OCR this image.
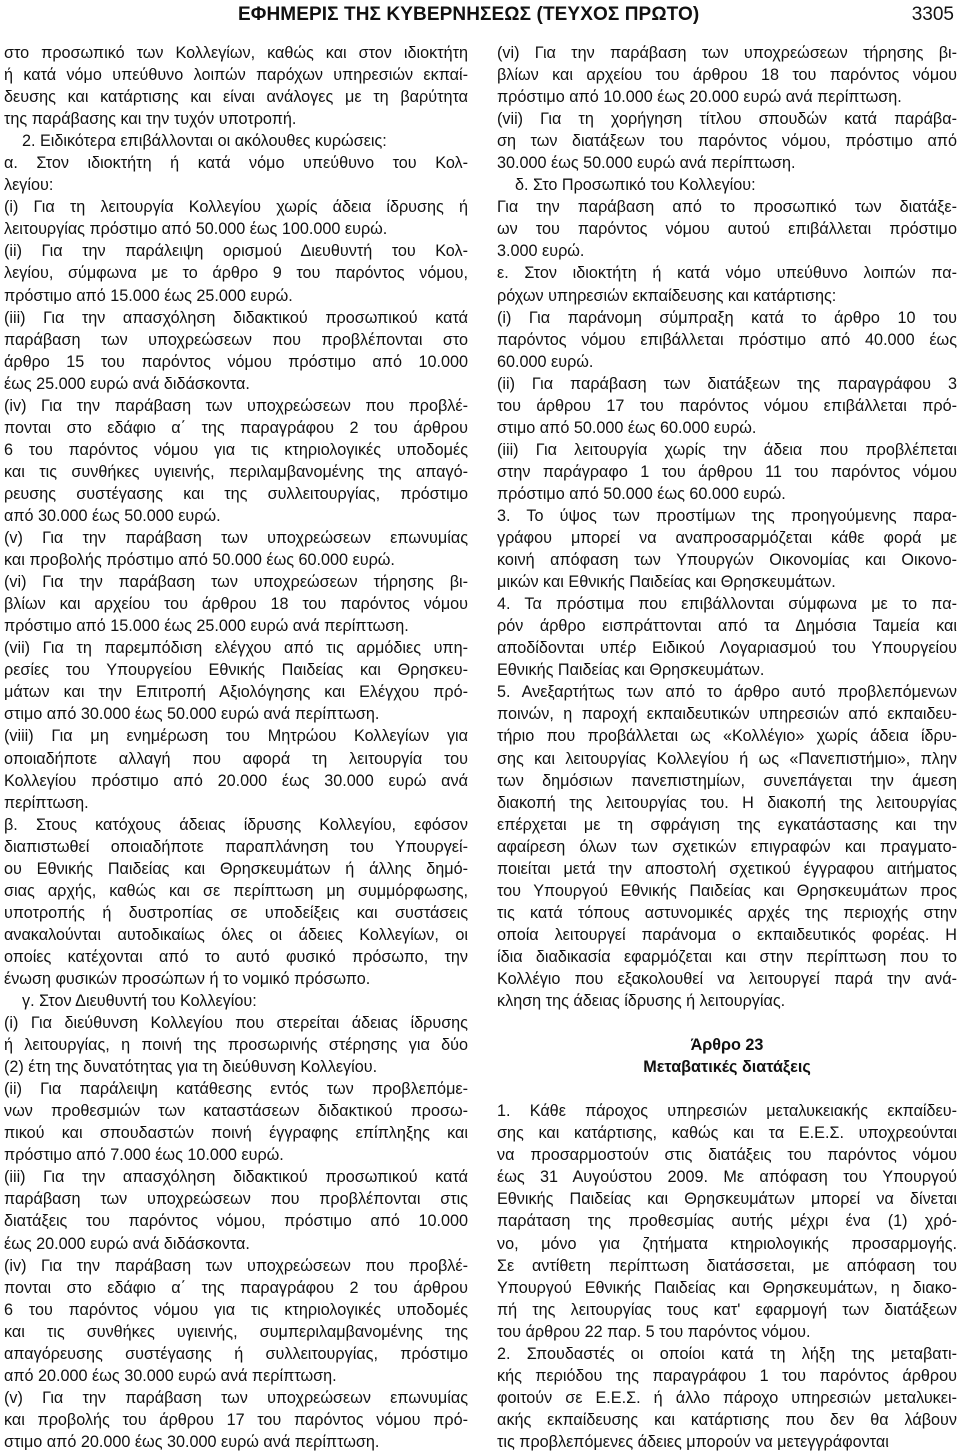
ΕΦΗΜΕΡΙΣ ΤΗΣ ΚΥΒΕΡΝΗΣΕΩΣ (ΤΕΥΧΟΣ ΠΡΩΤΟ)	3305
στο προσωπικό των Κολλεγίων, καθώς και στον ιδιοκτήτη
ή κατά νόμο υπεύθυνο λοιπών παρόχων υπηρεσιών εκπαί-
δευσης και κατάρτισης και είναι ανάλογες με τη βαρύτητα
της παράβασης και την τυχόν υποτροπή.
2. Ειδικότερα επιβάλλονται οι ακόλουθες κυρώσεις:
α. Στον ιδιοκτήτη ή κατά νόμο υπεύθυνο του Κολ-
λεγίου:
(i) Για τη λειτουργία Κολλεγίου χωρίς άδεια ίδρυσης ή
λειτουργίας πρόστιμο από 50.000 έως 100.000 ευρώ.
(ii) Για την παράλειψη ορισμού Διευθυντή του Κολ-
λεγίου, σύμφωνα με το άρθρο 9 του παρόντος νόμου,
πρόστιμο από 15.000 έως 25.000 ευρώ.
(iii) Για την απασχόληση διδακτικού προσωπικού κατά
παράβαση των υποχρεώσεων που προβλέπονται στο
άρθρο 15 του παρόντος νόμου πρόστιμο από 10.000
έως 25.000 ευρώ ανά διδάσκοντα.
(iv) Για την παράβαση των υποχρεώσεων που προβλέ-
πονται στο εδάφιο α΄ της παραγράφου 2 του άρθρου
6 του παρόντος νόμου για τις κτηριολογικές υποδομές
και τις συνθήκες υγιεινής, περιλαμβανομένης της απαγό-
ρευσης συστέγασης και της συλλειτουργίας, πρόστιμο
από 30.000 έως 50.000 ευρώ.
(v) Για την παράβαση των υποχρεώσεων επωνυμίας
και προβολής πρόστιμο από 50.000 έως 60.000 ευρώ.
(vi) Για την παράβαση των υποχρεώσεων τήρησης βι-
βλίων και αρχείου του άρθρου 18 του παρόντος νόμου
πρόστιμο από 15.000 έως 25.000 ευρώ ανά περίπτωση.
(vii) Για τη παρεμπόδιση ελέγχου από τις αρμόδιες υπη-
ρεσίες του Υπουργείου Εθνικής Παιδείας και Θρησκευ-
μάτων και την Επιτροπή Αξιολόγησης και Ελέγχου πρό-
στιμο από 30.000 έως 50.000 ευρώ ανά περίπτωση.
(viii) Για μη ενημέρωση του Μητρώου Κολλεγίων για
οποιαδήποτε αλλαγή που αφορά τη λειτουργία του
Κολλεγίου πρόστιμο από 20.000 έως 30.000 ευρώ ανά
περίπτωση.
β. Στους κατόχους άδειας ίδρυσης Κολλεγίου, εφόσον
διαπιστωθεί οποιαδήποτε παραπλάνηση του Υπουργεί-
ου Εθνικής Παιδείας και Θρησκευμάτων ή άλλης δημό-
σιας αρχής, καθώς και σε περίπτωση μη συμμόρφωσης,
υποτροπής ή δυστροπίας σε υποδείξεις και συστάσεις
ανακαλούνται αυτοδικαίως όλες οι άδειες Κολλεγίων, οι
οποίες κατέχονται από το αυτό φυσικό πρόσωπο, την
ένωση φυσικών προσώπων ή το νομικό πρόσωπο.
γ. Στον Διευθυντή του Κολλεγίου:
(i) Για διεύθυνση Κολλεγίου που στερείται άδειας ίδρυσης
ή λειτουργίας, η ποινή της προσωρινής στέρησης για δύο
(2) έτη της δυνατότητας για τη διεύθυνση Κολλεγίου.
(ii) Για παράλειψη κατάθεσης εντός των προβλεπόμε-
νων προθεσμιών των καταστάσεων διδακτικού προσω-
πικού και σπουδαστών ποινή έγγραφης επίπληξης και
πρόστιμο από 7.000 έως 10.000 ευρώ.
(iii) Για την απασχόληση διδακτικού προσωπικού κατά
παράβαση των υποχρεώσεων που προβλέπονται στις
διατάξεις του παρόντος νόμου, πρόστιμο από 10.000
έως 20.000 ευρώ ανά διδάσκοντα.
(iv) Για την παράβαση των υποχρεώσεων που προβλέ-
πονται στο εδάφιο α΄ της παραγράφου 2 του άρθρου
6 του παρόντος νόμου για τις κτηριολογικές υποδομές
και τις συνθήκες υγιεινής, συμπεριλαμβανομένης της
απαγόρευσης συστέγασης ή συλλειτουργίας, πρόστιμο
από 20.000 έως 30.000 ευρώ ανά περίπτωση.
(v) Για την παράβαση των υποχρεώσεων επωνυμίας
και προβολής του άρθρου 17 του παρόντος νόμου πρό-
στιμο από 20.000 έως 30.000 ευρώ ανά περίπτωση.
(vi) Για την παράβαση των υποχρεώσεων τήρησης βι-
βλίων και αρχείου του άρθρου 18 του παρόντος νόμου
πρόστιμο από 10.000 έως 20.000 ευρώ ανά περίπτωση.
(vii) Για τη χορήγηση τίτλου σπουδών κατά παράβα-
ση των διατάξεων του παρόντος νόμου, πρόστιμο από
30.000 έως 50.000 ευρώ ανά περίπτωση.
δ. Στο Προσωπικό του Κολλεγίου:
Για την παράβαση από το προσωπικό των διατάξε-
ων του παρόντος νόμου αυτού επιβάλλεται πρόστιμο
3.000 ευρώ.
ε. Στον ιδιοκτήτη ή κατά νόμο υπεύθυνο λοιπών πα-
ρόχων υπηρεσιών εκπαίδευσης και κατάρτισης:
(i) Για παράνομη σύμπραξη κατά το άρθρο 10 του
παρόντος νόμου επιβάλλεται πρόστιμο από 40.000 έως
60.000 ευρώ.
(ii) Για παράβαση των διατάξεων της παραγράφου 3
του άρθρου 17 του παρόντος νόμου επιβάλλεται πρό-
στιμο από 50.000 έως 60.000 ευρώ.
(iii) Για λειτουργία χωρίς την άδεια που προβλέπεται
στην παράγραφο 1 του άρθρου 11 του παρόντος νόμου
πρόστιμο από 50.000 έως 60.000 ευρώ.
3. Το ύψος των προστίμων της προηγούμενης παρα-
γράφου μπορεί να αναπροσαρμόζεται κάθε φορά με
κοινή απόφαση των Υπουργών Οικονομίας και Οικονο-
μικών και Εθνικής Παιδείας και Θρησκευμάτων.
4. Τα πρόστιμα που επιβάλλονται σύμφωνα με το πα-
ρόν άρθρο εισπράττονται από τα Δημόσια Ταμεία και
αποδίδονται υπέρ Ειδικού Λογαριασμού του Υπουργείου
Εθνικής Παιδείας και Θρησκευμάτων.
5. Ανεξαρτήτως των από το άρθρο αυτό προβλεπόμενων
ποινών, η παροχή εκπαιδευτικών υπηρεσιών από εκπαιδευ-
τήριο που προβάλλεται ως «Κολλέγιο» χωρίς άδεια ίδρυ-
σης και λειτουργίας Κολλεγίου ή ως «Πανεπιστήμιο», πλην
των δημόσιων πανεπιστημίων, συνεπάγεται την άμεση
διακοπή της λειτουργίας του. Η διακοπή της λειτουργίας
επέρχεται με τη σφράγιση της εγκατάστασης και την
αφαίρεση όλων των σχετικών επιγραφών και πραγματο-
ποιείται μετά την αποστολή σχετικού έγγραφου αιτήματος
του Υπουργού Εθνικής Παιδείας και Θρησκευμάτων προς
τις κατά τόπους αστυνομικές αρχές της περιοχής στην
οποία λειτουργεί παράνομα ο εκπαιδευτικός φορέας. Η
ίδια διαδικασία εφαρμόζεται και στην περίπτωση που το
Κολλέγιο που εξακολουθεί να λειτουργεί παρά την ανά-
κληση της άδειας ίδρυσης ή λειτουργίας.
Άρθρο 23
Μεταβατικές διατάξεις
1. Κάθε πάροχος υπηρεσιών μεταλυκειακής εκπαίδευ-
σης και κατάρτισης, καθώς και τα Ε.Ε.Σ. υποχρεούνται
να προσαρμοστούν στις διατάξεις του παρόντος νόμου
έως 31 Αυγούστου 2009. Με απόφαση του Υπουργού
Εθνικής Παιδείας και Θρησκευμάτων μπορεί να δίνεται
παράταση της προθεσμίας αυτής μέχρι ένα (1) χρό-
νο, μόνο για ζητήματα κτηριολογικής προσαρμογής.
Σε αντίθετη περίπτωση διατάσσεται, με απόφαση του
Υπουργού Εθνικής Παιδείας και Θρησκευμάτων, η διακο-
πή της λειτουργίας τους κατ' εφαρμογή των διατάξεων
του άρθρου 22 παρ. 5 του παρόντος νόμου.
2. Σπουδαστές οι οποίοι κατά τη λήξη της μεταβατι-
κής περιόδου της παραγράφου 1 του παρόντος άρθρου
φοιτούν σε Ε.Ε.Σ. ή άλλο πάροχο υπηρεσιών μεταλυκει-
ακής εκπαίδευσης και κατάρτισης που δεν θα λάβουν
τις προβλεπόμενες άδειες μπορούν να μετεγγράφονται
